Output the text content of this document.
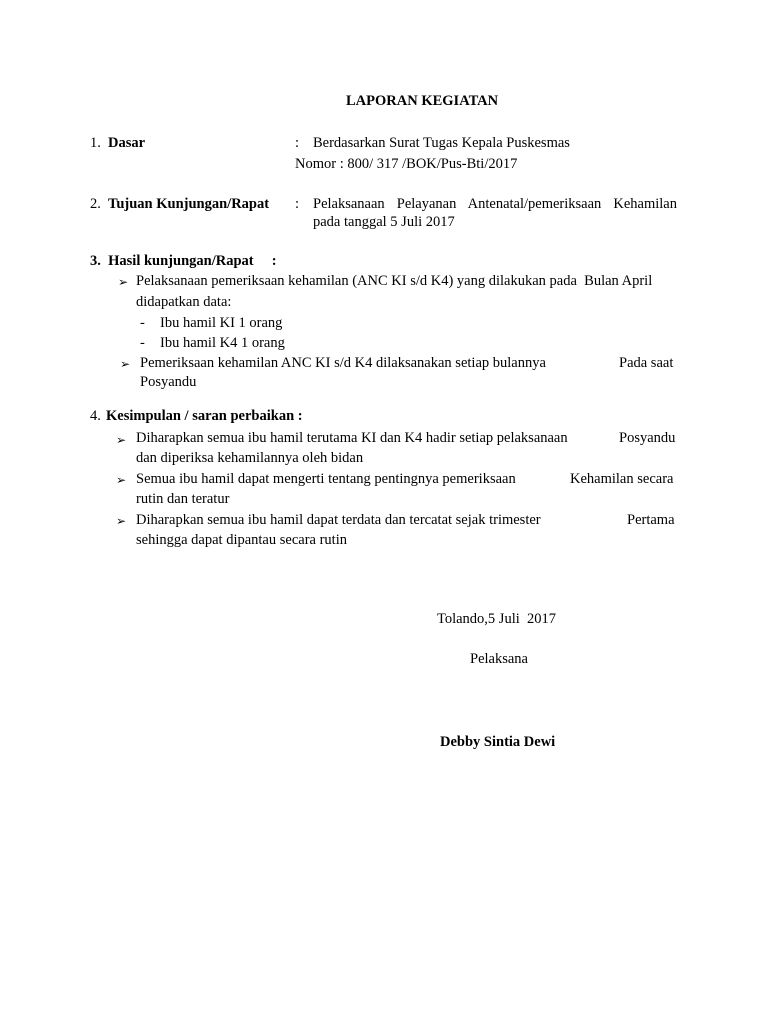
LAPORAN KEGIATAN
1. Dasar	: Berdasarkan Surat Tugas Kepala Puskesmas
Nomor : 800/ 317 /BOK/Pus-Bti/2017
2. Tujuan Kunjungan/Rapat : Pelaksanaan Pelayanan Antenatal/pemeriksaan Kehamilan
pada tanggal 5 Juli 2017
3.  Hasil kunjungan/Rapat     :
➢ Pelaksanaan pemeriksaan kehamilan (ANC KI s/d K4) yang dilakukan pada  Bulan April
didapatkan data:
- Ibu hamil KI 1 orang
- Ibu hamil K4 1 orang
➢ Pemeriksaan kehamilan ANC KI s/d K4 dilaksanakan setiap bulannya	Pada saat
Posyandu
4. Kesimpulan / saran perbaikan :
➢ Diharapkan semua ibu hamil terutama KI dan K4 hadir setiap pelaksanaan	Posyandu
dan diperiksa kehamilannya oleh bidan
➢ Semua ibu hamil dapat mengerti tentang pentingnya pemeriksaan	Kehamilan secara
rutin dan teratur
➢ Diharapkan semua ibu hamil dapat terdata dan tercatat sejak trimester	Pertama
sehingga dapat dipantau secara rutin
Tolando,5 Juli  2017
Pelaksana
Debby Sintia Dewi
